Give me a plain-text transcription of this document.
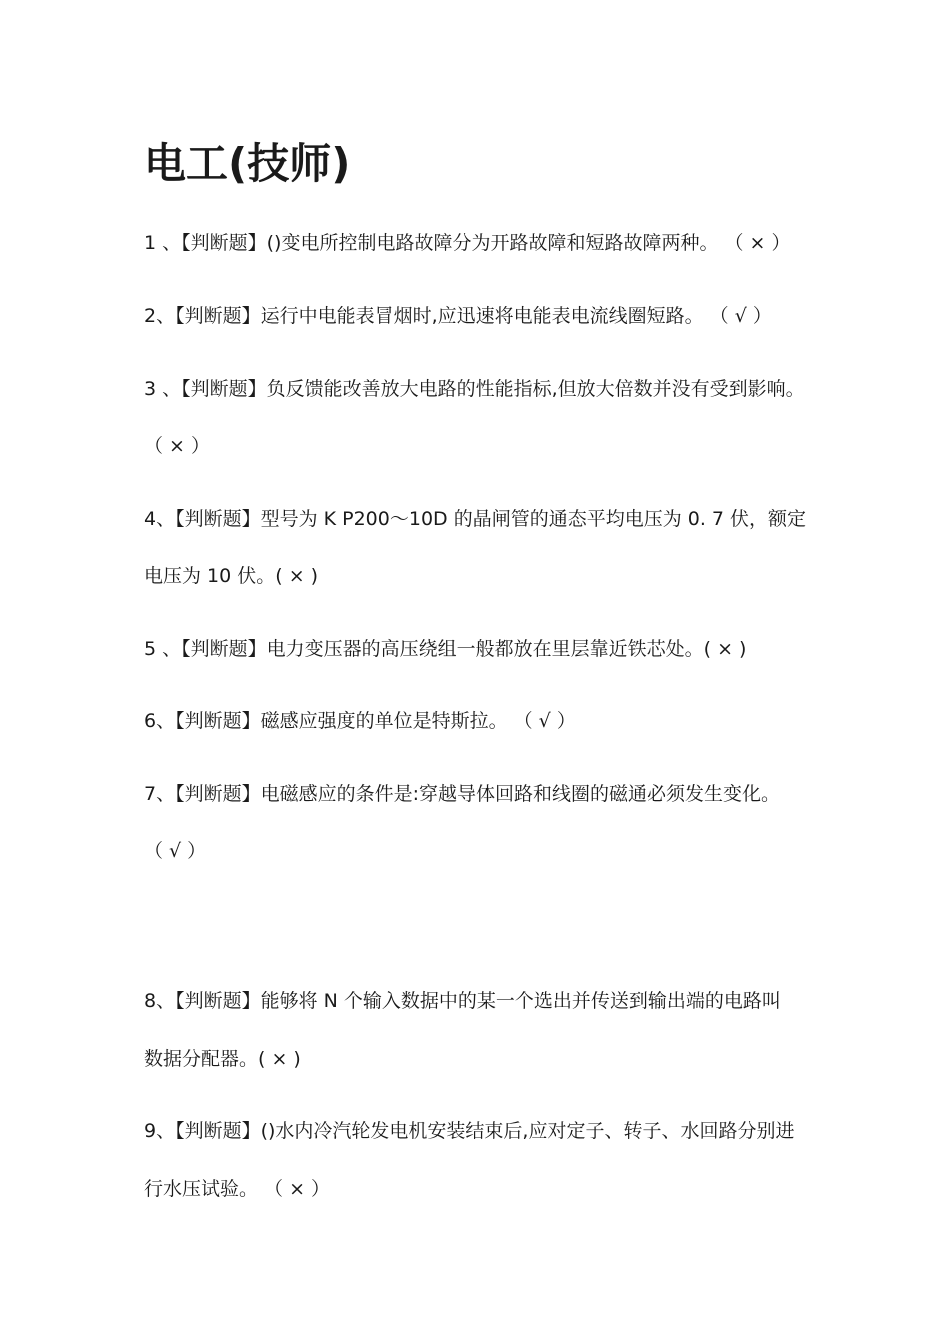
电工(技师)
1 、【判断题】()变电所控制电路故障分为开路故障和短路故障两种。 （ × ）
2、【判断题】运行中电能表冒烟时,应迅速将电能表电流线圈短路。 （ √ ）
3 、【判断题】负反馈能改善放大电路的性能指标,但放大倍数并没有受到影响。
（ × ）
4、【判断题】型号为 K P200～10D 的晶闸管的通态平均电压为 0. 7 伏，额定
电压为 10 伏。( × )
5 、【判断题】电力变压器的高压绕组一般都放在里层靠近铁芯处。( × )
6、【判断题】磁感应强度的单位是特斯拉。 （ √ ）
7、【判断题】电磁感应的条件是:穿越导体回路和线圈的磁通必须发生变化。
（ √ ）
8、【判断题】能够将 N 个输入数据中的某一个选出并传送到输出端的电路叫
数据分配器。( × )
9、【判断题】()水内冷汽轮发电机安装结束后,应对定子、转子、水回路分别进
行水压试验。 （ × ）
